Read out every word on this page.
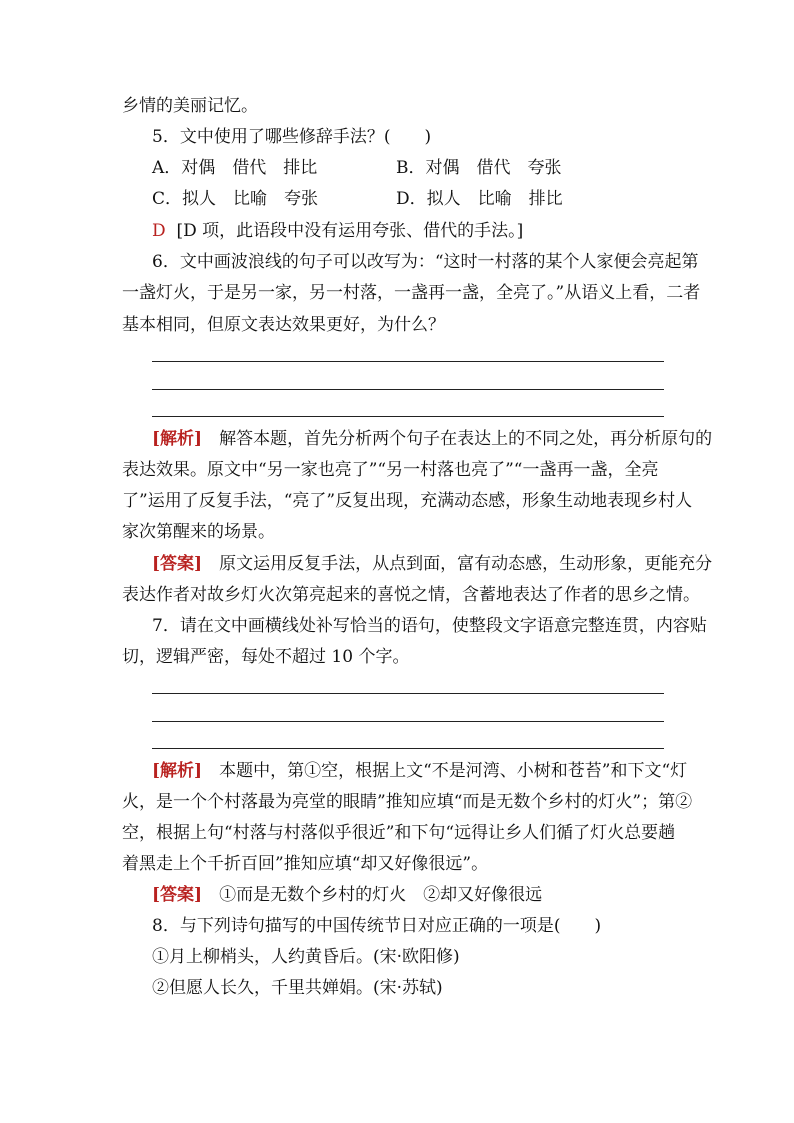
乡情的美丽记忆。
5．文中使用了哪些修辞手法？(　　)
A．对偶　借代　排比	B．对偶　借代　夸张
C．拟人　比喻　夸张	D．拟人　比喻　排比
D [D 项，此语段中没有运用夸张、借代的手法。]
6．文中画波浪线的句子可以改写为：“这时一村落的某个人家便会亮起第
一盏灯火，于是另一家，另一村落，一盏再一盏，全亮了。”从语义上看，二者
基本相同，但原文表达效果更好，为什么？
[解析]　解答本题，首先分析两个句子在表达上的不同之处，再分析原句的
表达效果。原文中“另一家也亮了”“另一村落也亮了”“一盏再一盏，全亮
了”运用了反复手法，“亮了”反复出现，充满动态感，形象生动地表现乡村人
家次第醒来的场景。
[答案]　原文运用反复手法，从点到面，富有动态感，生动形象，更能充分
表达作者对故乡灯火次第亮起来的喜悦之情，含蓄地表达了作者的思乡之情。
7．请在文中画横线处补写恰当的语句，使整段文字语意完整连贯，内容贴
切，逻辑严密，每处不超过 10 个字。
[解析]　本题中，第①空，根据上文“不是河湾、小树和苍苔”和下文“灯
火，是一个个村落最为亮堂的眼睛”推知应填“而是无数个乡村的灯火”；第②
空，根据上句“村落与村落似乎很近”和下句“远得让乡人们循了灯火总要趟
着黑走上个千折百回”推知应填“却又好像很远”。
[答案]　①而是无数个乡村的灯火　②却又好像很远
8．与下列诗句描写的中国传统节日对应正确的一项是(　　)
①月上柳梢头，人约黄昏后。(宋·欧阳修)
②但愿人长久，千里共婵娟。(宋·苏轼)
